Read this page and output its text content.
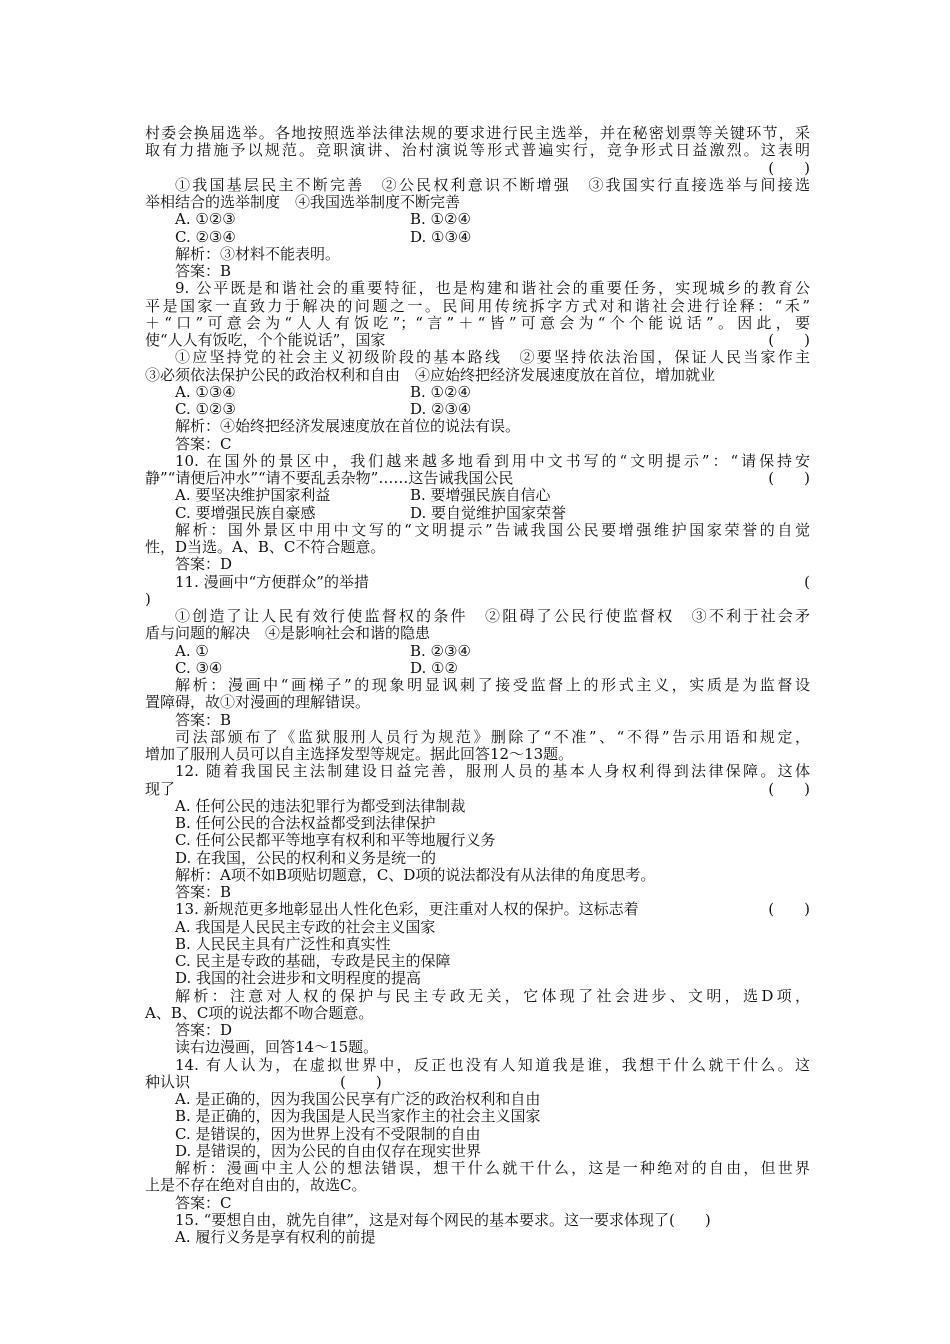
村委会换届选举。各地按照选举法律法规的要求进行民主选举，并在秘密划票等关键环节，采
取有力措施予以规范。竞职演讲、治村演说等形式普遍实行，竞争形式日益激烈。这表明
(　　)
①我国基层民主不断完善　②公民权利意识不断增强　③我国实行直接选举与间接选
举相结合的选举制度　④我国选举制度不断完善
A. ①②③	B. ①②④
C. ②③④	D. ①③④
解析：③材料不能表明。
答案：B
9. 公平既是和谐社会的重要特征，也是构建和谐社会的重要任务，实现城乡的教育公
平是国家一直致力于解决的问题之一。民间用传统拆字方式对和谐社会进行诠释：“禾”
＋“口”可意会为“人人有饭吃”；“言”＋“皆”可意会为“个个能说话”。因此，要
使“人人有饭吃，个个能说话”，国家	(　　)
①应坚持党的社会主义初级阶段的基本路线　②要坚持依法治国，保证人民当家作主
③必须依法保护公民的政治权利和自由　④应始终把经济发展速度放在首位，增加就业
A. ①③④	B. ①②④
C. ①②③	D. ②③④
解析：④始终把经济发展速度放在首位的说法有误。
答案：C
10. 在国外的景区中，我们越来越多地看到用中文书写的“文明提示”：“请保持安
静”“请便后冲水”“请不要乱丢杂物”……这告诫我国公民	(　　)
A. 要坚决维护国家利益	B. 要增强民族自信心
C. 要增强民族自豪感	D. 要自觉维护国家荣誉
解析：国外景区中用中文写的“文明提示”告诫我国公民要增强维护国家荣誉的自觉
性，D当选。A、B、C不符合题意。
答案：D
11. 漫画中“方便群众”的举措	(
)
①创造了让人民有效行使监督权的条件　②阻碍了公民行使监督权　③不利于社会矛
盾与问题的解决　④是影响社会和谐的隐患
A. ①	B. ②③④
C. ③④	D. ①②
解析：漫画中“画梯子”的现象明显讽刺了接受监督上的形式主义，实质是为监督设
置障碍，故①对漫画的理解错误。
答案：B
司法部颁布了《监狱服刑人员行为规范》删除了“不准”、“不得”告示用语和规定，
增加了服刑人员可以自主选择发型等规定。据此回答12～13题。
12. 随着我国民主法制建设日益完善，服刑人员的基本人身权利得到法律保障。这体
现了	(　　)
A. 任何公民的违法犯罪行为都受到法律制裁
B. 任何公民的合法权益都受到法律保护
C. 任何公民都平等地享有权利和平等地履行义务
D. 在我国，公民的权利和义务是统一的
解析：A项不如B项贴切题意，C、D项的说法都没有从法律的角度思考。
答案：B
13. 新规范更多地彰显出人性化色彩，更注重对人权的保护。这标志着	(　　)
A. 我国是人民民主专政的社会主义国家
B. 人民民主具有广泛性和真实性
C. 民主是专政的基础，专政是民主的保障
D. 我国的社会进步和文明程度的提高
解析：注意对人权的保护与民主专政无关，它体现了社会进步、文明，选D项，
A、B、C项的说法都不吻合题意。
答案：D
读右边漫画，回答14～15题。
14. 有人认为，在虚拟世界中，反正也没有人知道我是谁，我想干什么就干什么。这
种认识　　　　　　　　　　(　　)
A. 是正确的，因为我国公民享有广泛的政治权利和自由
B. 是正确的，因为我国是人民当家作主的社会主义国家
C. 是错误的，因为世界上没有不受限制的自由
D. 是错误的，因为公民的自由仅存在现实世界
解析：漫画中主人公的想法错误，想干什么就干什么，这是一种绝对的自由，但世界
上是不存在绝对自由的，故选C。
答案：C
15. “要想自由，就先自律”，这是对每个网民的基本要求。这一要求体现了(　　)
A. 履行义务是享有权利的前提
